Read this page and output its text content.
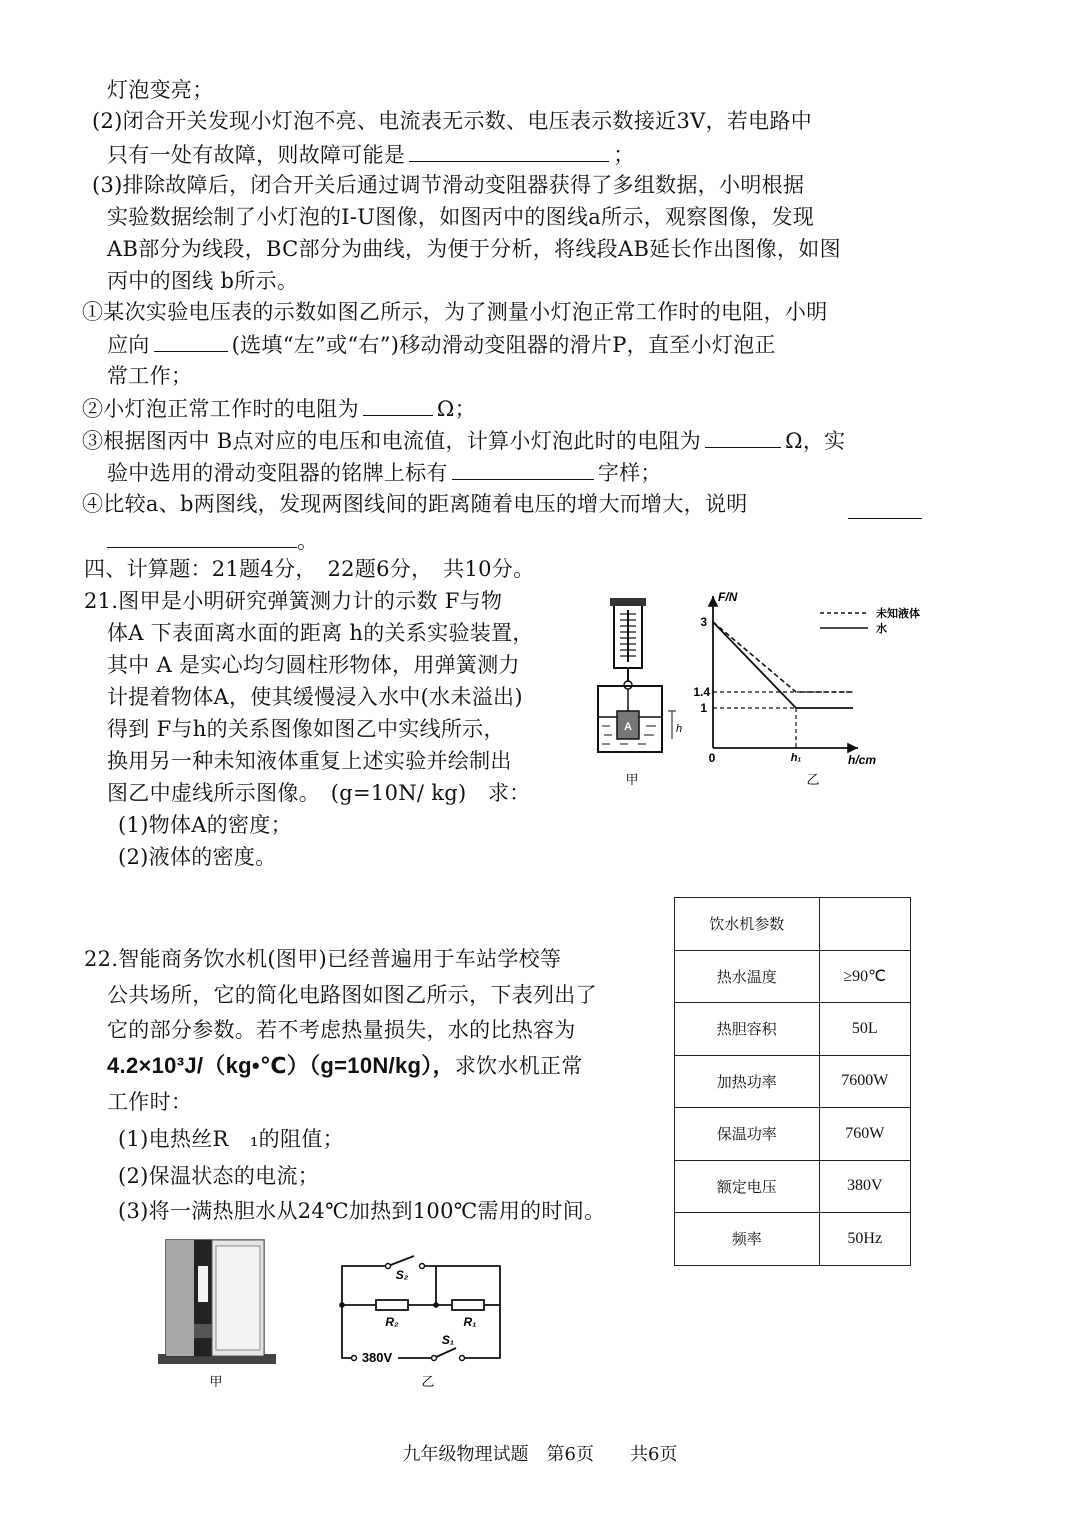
灯泡变亮；
(2)闭合开关发现小灯泡不亮、电流表无示数、电压表示数接近3V，若电路中
只有一处有故障，则故障可能是	；
(3)排除故障后，闭合开关后通过调节滑动变阻器获得了多组数据，小明根据
实验数据绘制了小灯泡的I-U图像，如图丙中的图线a所示，观察图像，发现
AB部分为线段，BC部分为曲线，为便于分析，将线段AB延长作出图像，如图
丙中的图线 b所示。
①某次实验电压表的示数如图乙所示，为了测量小灯泡正常工作时的电阻，小明
应向	(选填“左”或“右”)移动滑动变阻器的滑片P，直至小灯泡正
常工作；
②小灯泡正常工作时的电阻为	Ω；
③根据图丙中 B点对应的电压和电流值，计算小灯泡此时的电阻为	Ω，实
验中选用的滑动变阻器的铭牌上标有	字样；
④比较a、b两图线，发现两图线间的距离随着电压的增大而增大，说明
。
四、计算题：21题4分，　22题6分，　共10分。
21.图甲是小明研究弹簧测力计的示数 F与物
体A 下表面离水面的距离 h的关系实验装置，
其中 A 是实心均匀圆柱形物体，用弹簧测力
计提着物体A，使其缓慢浸入水中(水未溢出)
得到 F与h的关系图像如图乙中实线所示，
换用另一种未知液体重复上述实验并绘制出
图乙中虚线所示图像。　(g=10N/ kg)　求：
(1)物体A的密度；
(2)液体的密度。
A	h
甲
F/N
h/cm
0
3
1.4
1
h₁
未知液体
水
乙
22.智能商务饮水机(图甲)已经普遍用于车站学校等
公共场所，它的简化电路图如图乙所示，下表列出了
它的部分参数。若不考虑热量损失，水的比热容为
4.2×10³J/（kg•℃）（g=10N/kg），求饮水机正常
工作时：
(1)电热丝R　₁的阻值；
(2)保温状态的电流；
(3)将一满热胆水从24℃加热到100℃需用的时间。
饮水机参数	
热水温度	≥90℃
热胆容积	50L
加热功率	7600W
保温功率	760W
额定电压	380V
频率	50Hz
甲
S₂
R₂	R₁
S₁
380V
乙
九年级物理试题　第6页　　共6页
